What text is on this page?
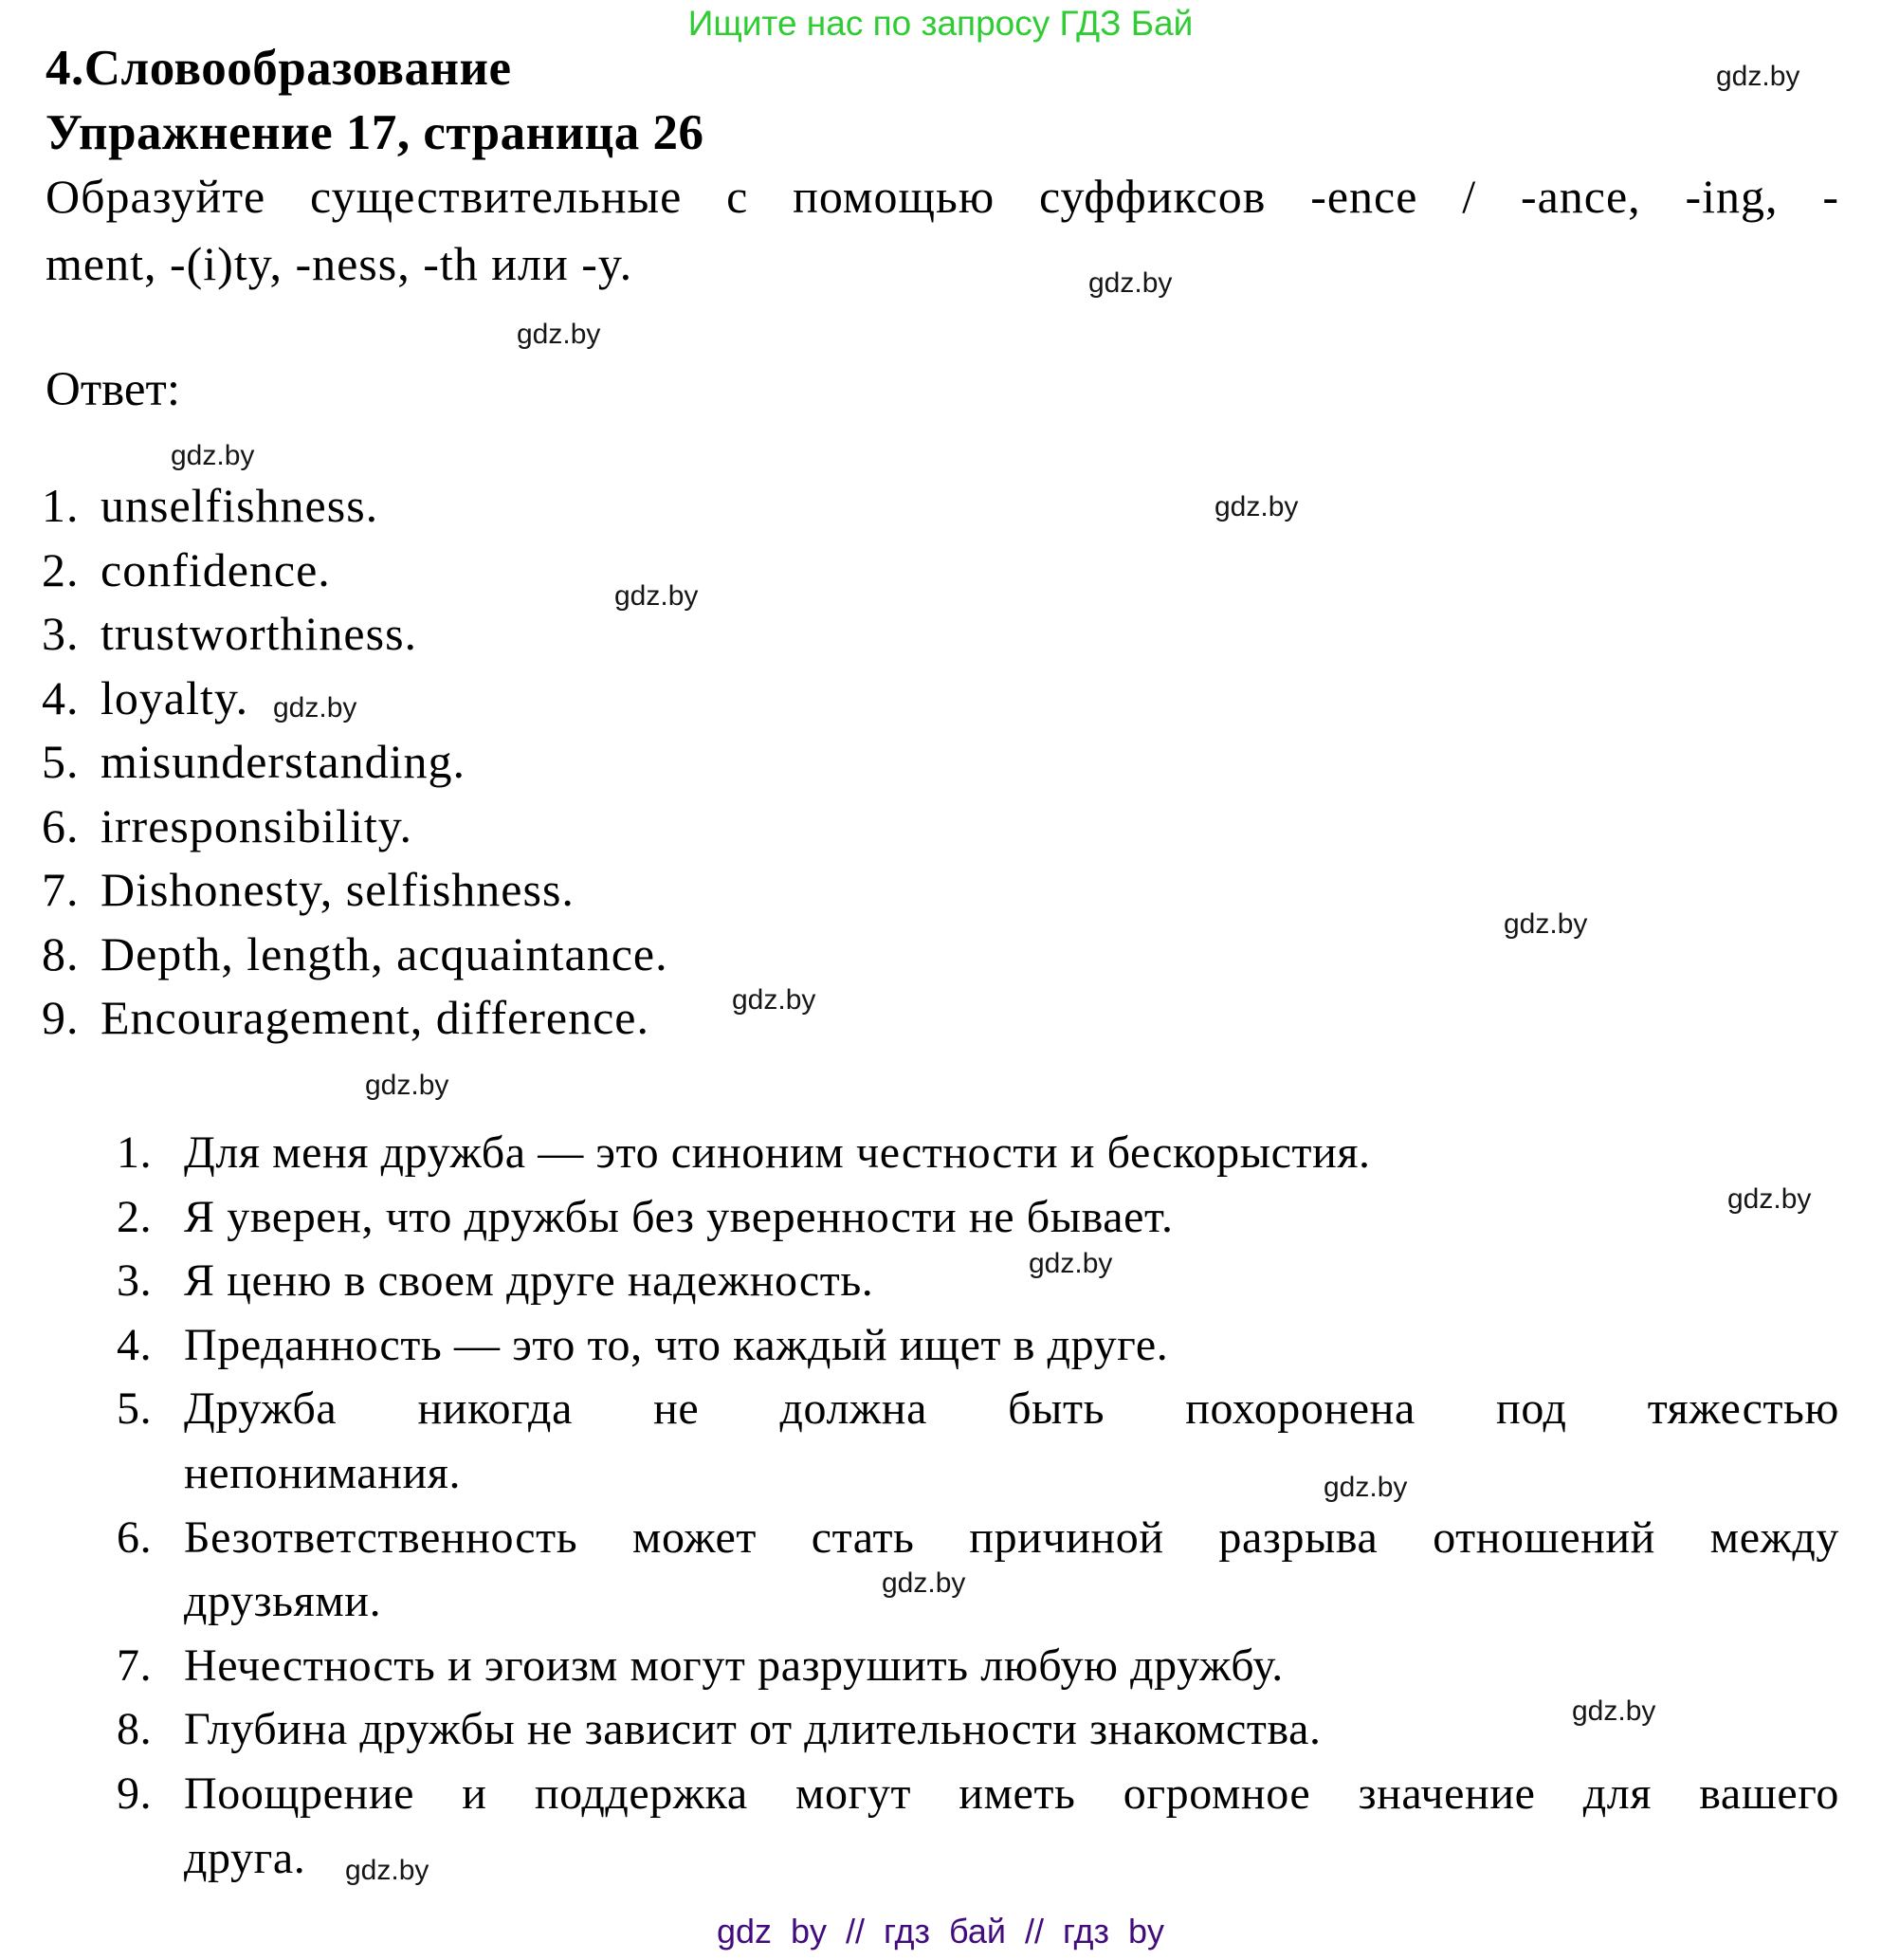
Ищите нас по запросу ГДЗ Бай
gdz.by
gdz.by
gdz.by
gdz.by
gdz.by
gdz.by
gdz.by
gdz.by
gdz.by
gdz.by
gdz.by
gdz.by
gdz.by
gdz.by
gdz.by
gdz.by
4.Словообразование
Упражнение 17, страница 26
Образуйте существительные с помощью суффиксов -ence / -ance, -ing, -
ment, -(i)ty, -ness, -th или -y.
Ответ:
1. unselfishness.
2. confidence.
3. trustworthiness.
4. loyalty.
5. misunderstanding.
6. irresponsibility.
7. Dishonesty, selfishness.
8. Depth, length, acquaintance.
9. Encouragement, difference.
1. Для меня дружба — это синоним честности и бескорыстия.
2. Я уверен, что дружбы без уверенности не бывает.
3. Я ценю в своем друге надежность.
4. Преданность — это то, что каждый ищет в друге.
5. Дружба никогда не должна быть похоронена под тяжестью
непонимания.
6. Безответственность может стать причиной разрыва отношений между
друзьями.
7. Нечестность и эгоизм могут разрушить любую дружбу.
8. Глубина дружбы не зависит от длительности знакомства.
9. Поощрение и поддержка могут иметь огромное значение для вашего
друга.
gdz by // гдз бай // гдз by
